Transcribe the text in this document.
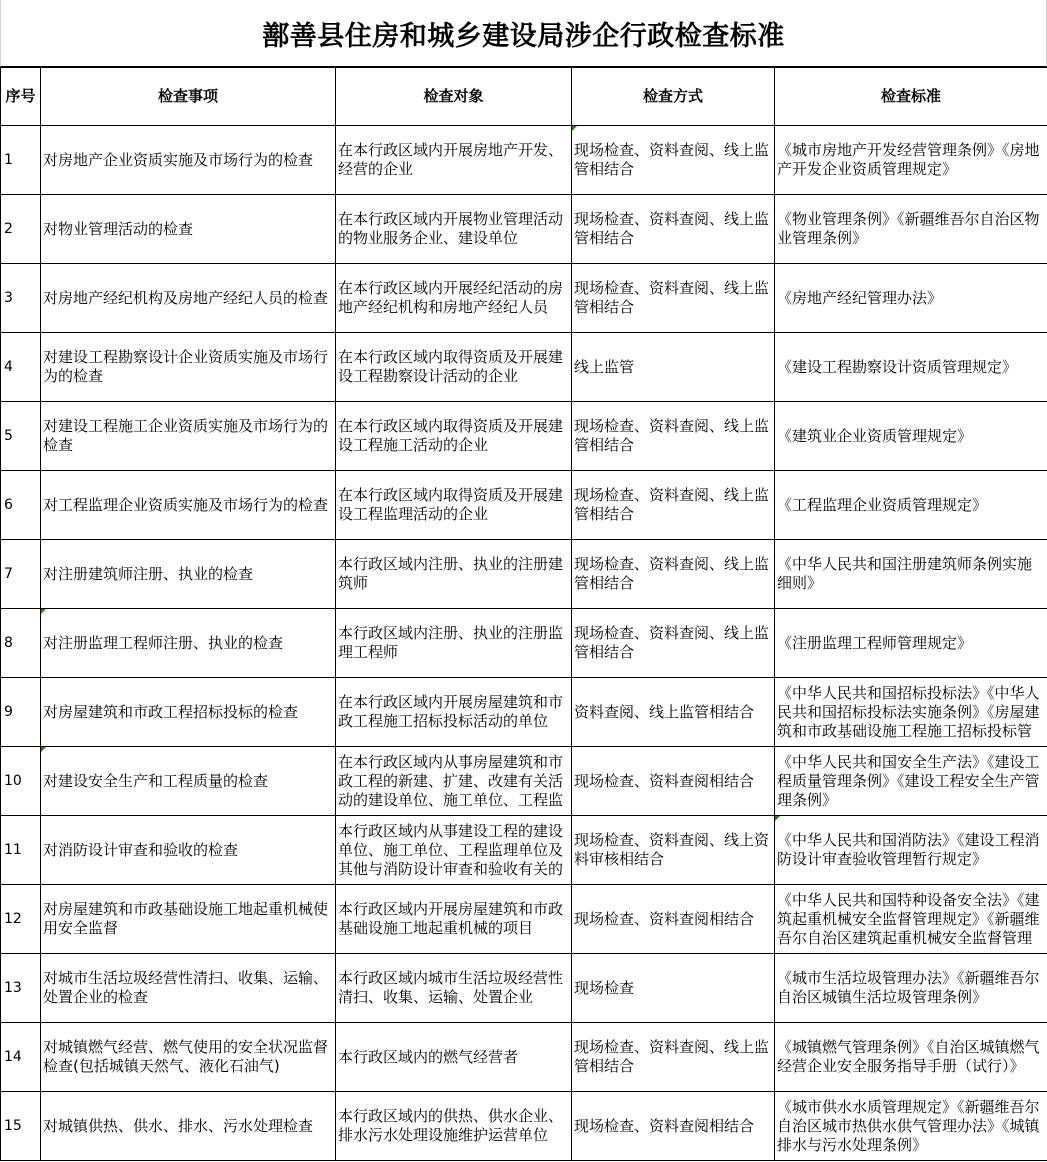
鄯善县住房和城乡建设局涉企行政检查标准
序号	检查事项	检查对象	检查方式	检查标准

1	对房地产企业资质实施及市场行为的检查	在本行政区域内开展房地产开发、经营的企业	现场检查、资料查阅、线上监管相结合	《城市房地产开发经营管理条例》《房地产开发企业资质管理规定》

2	对物业管理活动的检查	在本行政区域内开展物业管理活动的物业服务企业、建设单位	现场检查、资料查阅、线上监管相结合	《物业管理条例》《新疆维吾尔自治区物业管理条例》

3	对房地产经纪机构及房地产经纪人员的检查	在本行政区域内开展经纪活动的房地产经纪机构和房地产经纪人员	现场检查、资料查阅、线上监管相结合	《房地产经纪管理办法》

4	对建设工程勘察设计企业资质实施及市场行为的检查	在本行政区域内取得资质及开展建设工程勘察设计活动的企业	线上监管	《建设工程勘察设计资质管理规定》

5	对建设工程施工企业资质实施及市场行为的检查	在本行政区域内取得资质及开展建设工程施工活动的企业	现场检查、资料查阅、线上监管相结合	《建筑业企业资质管理规定》

6	对工程监理企业资质实施及市场行为的检查	在本行政区域内取得资质及开展建设工程监理活动的企业	现场检查、资料查阅、线上监管相结合	《工程监理企业资质管理规定》

7	对注册建筑师注册、执业的检查	本行政区域内注册、执业的注册建筑师	现场检查、资料查阅、线上监管相结合	《中华人民共和国注册建筑师条例实施细则》

8	对注册监理工程师注册、执业的检查	本行政区域内注册、执业的注册监理工程师	现场检查、资料查阅、线上监管相结合	《注册监理工程师管理规定》

9	对房屋建筑和市政工程招标投标的检查	在本行政区域内开展房屋建筑和市政工程施工招标投标活动的单位	资料查阅、线上监管相结合	《中华人民共和国招标投标法》《中华人民共和国招标投标法实施条例》《房屋建筑和市政基础设施工程施工招标投标管

10	对建设安全生产和工程质量的检查	在本行政区域内从事房屋建筑和市政工程的新建、扩建、改建有关活动的建设单位、施工单位、工程监	现场检查、资料查阅相结合	《中华人民共和国安全生产法》《建设工程质量管理条例》《建设工程安全生产管理条例》

11	对消防设计审查和验收的检查	本行政区域内从事建设工程的建设单位、施工单位、工程监理单位及其他与消防设计审查和验收有关的	现场检查、资料查阅、线上资料审核相结合	《中华人民共和国消防法》《建设工程消防设计审查验收管理暂行规定》

12	对房屋建筑和市政基础设施工地起重机械使用安全监督	本行政区域内开展房屋建筑和市政基础设施工地起重机械的项目	现场检查、资料查阅相结合	《中华人民共和国特种设备安全法》《建筑起重机械安全监督管理规定》《新疆维吾尔自治区建筑起重机械安全监督管理

13	对城市生活垃圾经营性清扫、收集、运输、处置企业的检查	本行政区域内城市生活垃圾经营性清扫、收集、运输、处置企业	现场检查	《城市生活垃圾管理办法》《新疆维吾尔自治区城镇生活垃圾管理条例》

14	对城镇燃气经营、燃气使用的安全状况监督检查(包括城镇天然气、液化石油气)	本行政区域内的燃气经营者	现场检查、资料查阅、线上监管相结合	《城镇燃气管理条例》《自治区城镇燃气经营企业安全服务指导手册（试行）》

15	对城镇供热、供水、排水、污水处理检查	本行政区域内的供热、供水企业、排水污水处理设施维护运营单位	现场检查、资料查阅相结合	《城市供水水质管理规定》《新疆维吾尔自治区城市热供水供气管理办法》《城镇排水与污水处理条例》
